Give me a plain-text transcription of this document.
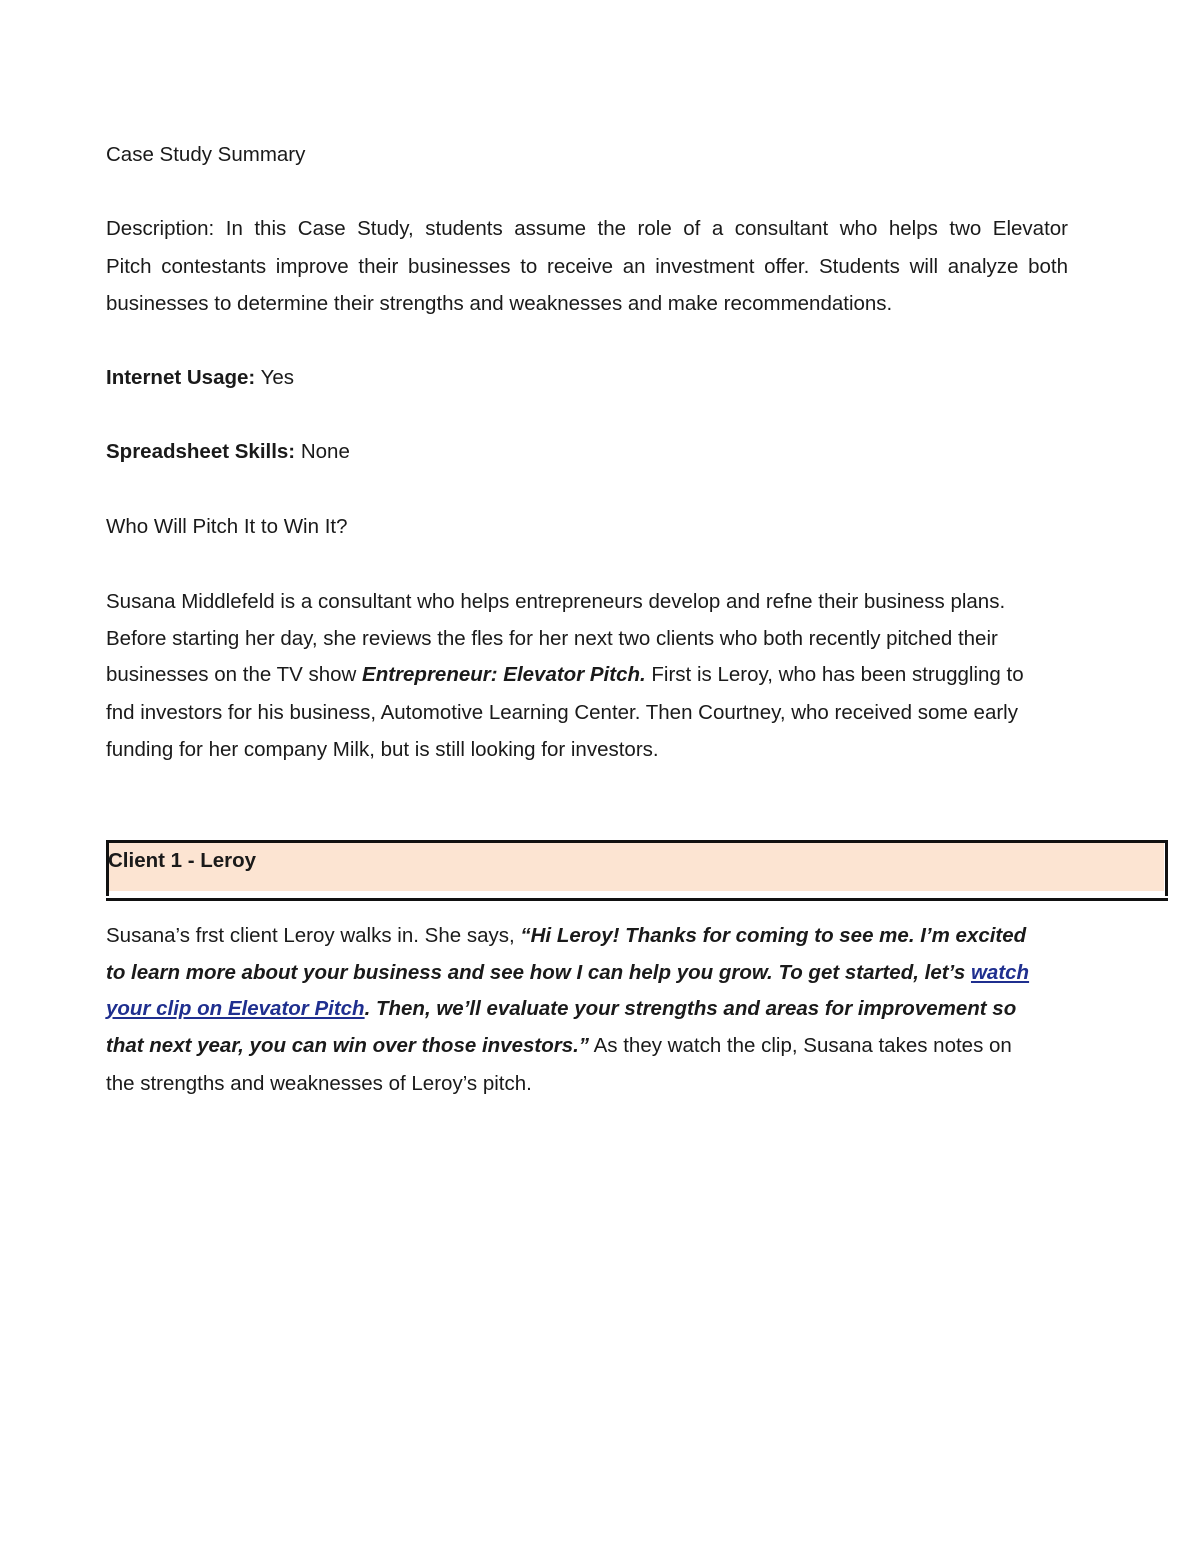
Case Study Summary
Description: In this Case Study, students assume the role of a consultant who helps two Elevator
Pitch contestants improve their businesses to receive an investment offer. Students will analyze both
businesses to determine their strengths and weaknesses and make recommendations.
Internet Usage: Yes
Spreadsheet Skills: None
Who Will Pitch It to Win It?
Susana Middlefeld is a consultant who helps entrepreneurs develop and refne their business plans.
Before starting her day, she reviews the fles for her next two clients who both recently pitched their
businesses on the TV show Entrepreneur: Elevator Pitch. First is Leroy, who has been struggling to
fnd investors for his business, Automotive Learning Center. Then Courtney, who received some early
funding for her company Milk, but is still looking for investors.
Susana’s frst client Leroy walks in. She says, “Hi Leroy! Thanks for coming to see me. I’m excited
to learn more about your business and see how I can help you grow. To get started, let’s watch
your clip on Elevator Pitch. Then, we’ll evaluate your strengths and areas for improvement so
that next year, you can win over those investors.” As they watch the clip, Susana takes notes on
the strengths and weaknesses of Leroy’s pitch.
Client 1 - Leroy
